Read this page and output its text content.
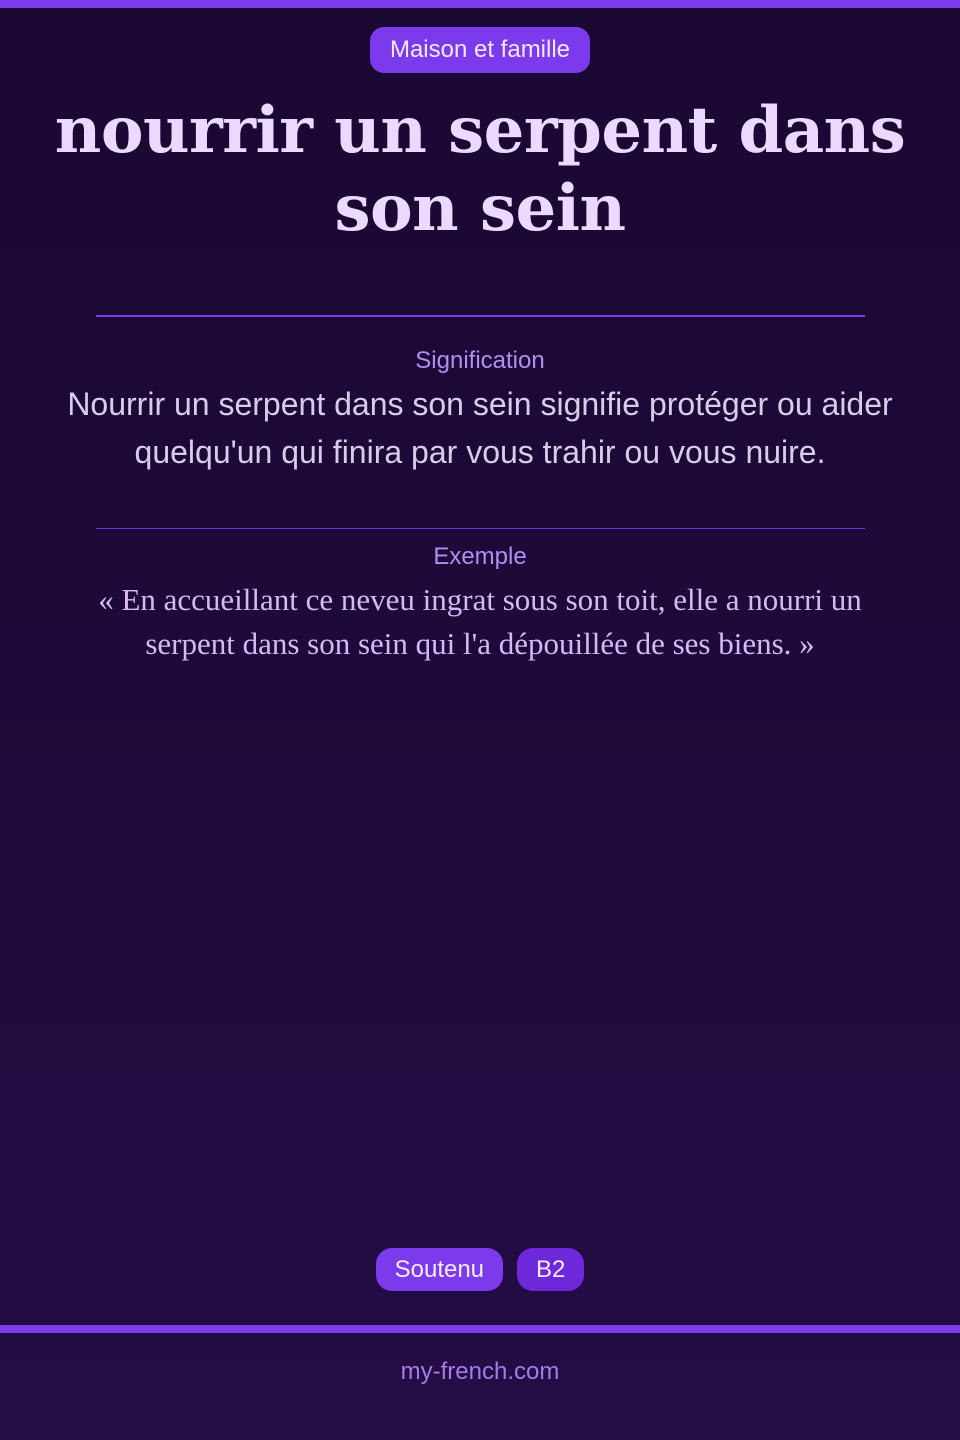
Maison et famille
nourrir un serpent dans son sein
Signification
Nourrir un serpent dans son sein signifie protéger ou aider quelqu'un qui finira par vous trahir ou vous nuire.
Exemple
« En accueillant ce neveu ingrat sous son toit, elle a nourri un serpent dans son sein qui l'a dépouillée de ses biens. »
Soutenu	B2
my-french.com
